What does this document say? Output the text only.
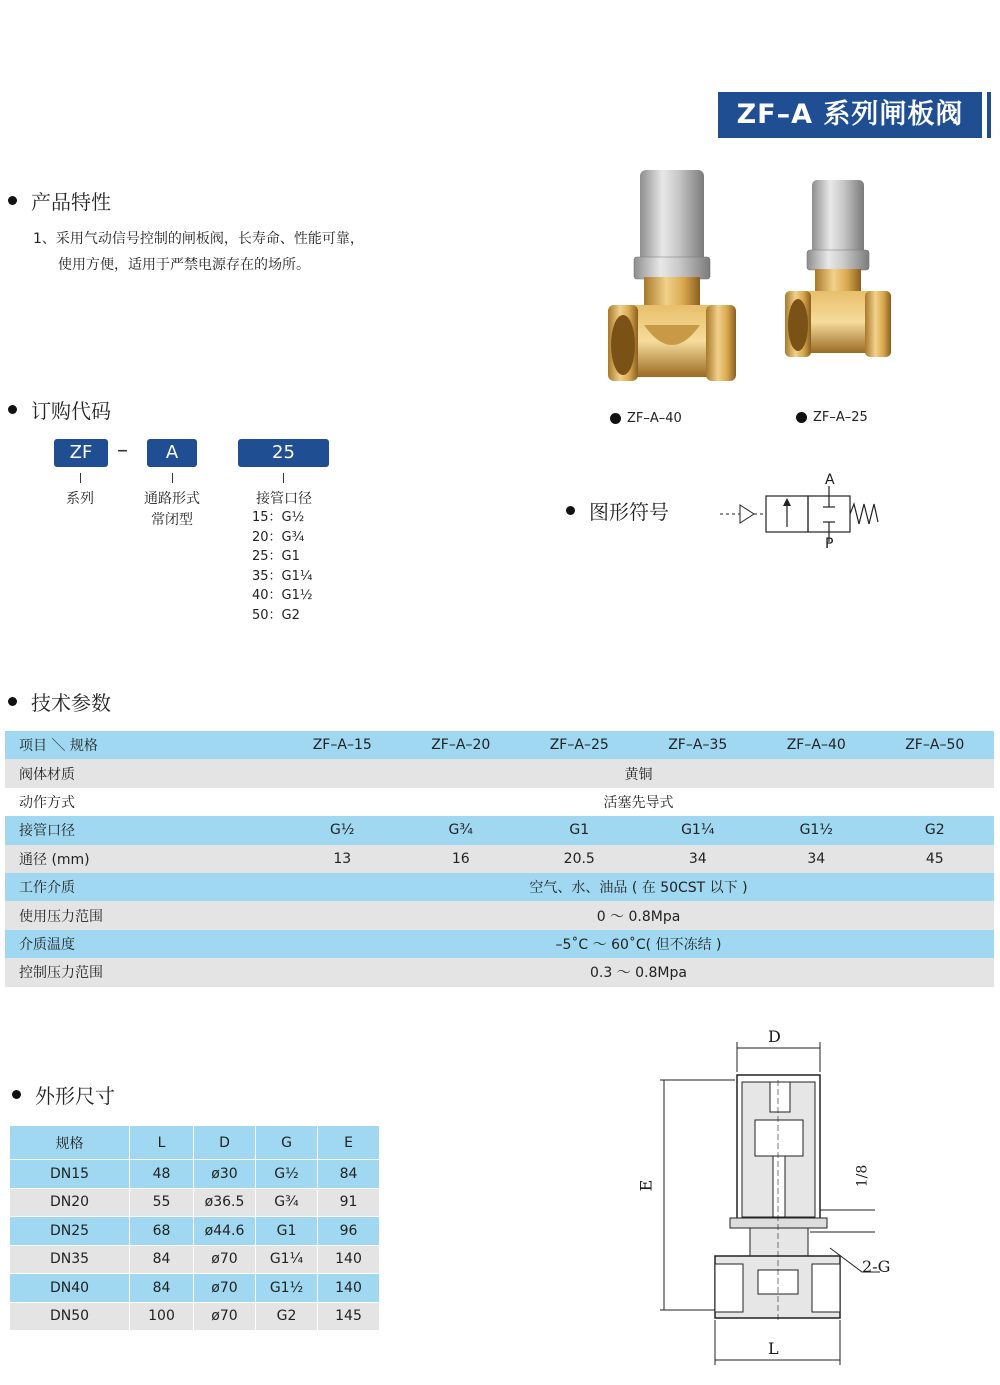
ZF–A 系列闸板阀
产品特性
1、采用气动信号控制的闸板阀，长寿命、性能可靠，
使用方便，适用于严禁电源存在的场所。
订购代码
ZF	–	A	25
系列	通路形式
常闭型
接管口径
15：G½
20：G¾
25：G1
35：G1¼
40：G1½
50：G2
ZF–A–40	ZF–A–25
图形符号
A
P
技术参数
项目 ＼ 规格	ZF–A–15	ZF–A–20	ZF–A–25	ZF–A–35	ZF–A–40	ZF–A–50
阀体材质	黄铜					
动作方式	活塞先导式					
接管口径	G½	G¾	G1	G1¼	G1½	G2
通径 (mm)	13	16	20.5	34	34	45
工作介质	空气、水、油品 ( 在 50CST 以下 )					
使用压力范围	0 ～ 0.8Mpa					
介质温度	–5˚C ～ 60˚C( 但不冻结 )					
控制压力范围	0.3 ～ 0.8Mpa					
外形尺寸
规格	L	D	G	E
DN15	48	ø30	G½	84
DN20	55	ø36.5	G¾	91
DN25	68	ø44.6	G1	96
DN35	84	ø70	G1¼	140
DN40	84	ø70	G1½	140
DN50	100	ø70	G2	145
D
E
L
1/8
2-G
